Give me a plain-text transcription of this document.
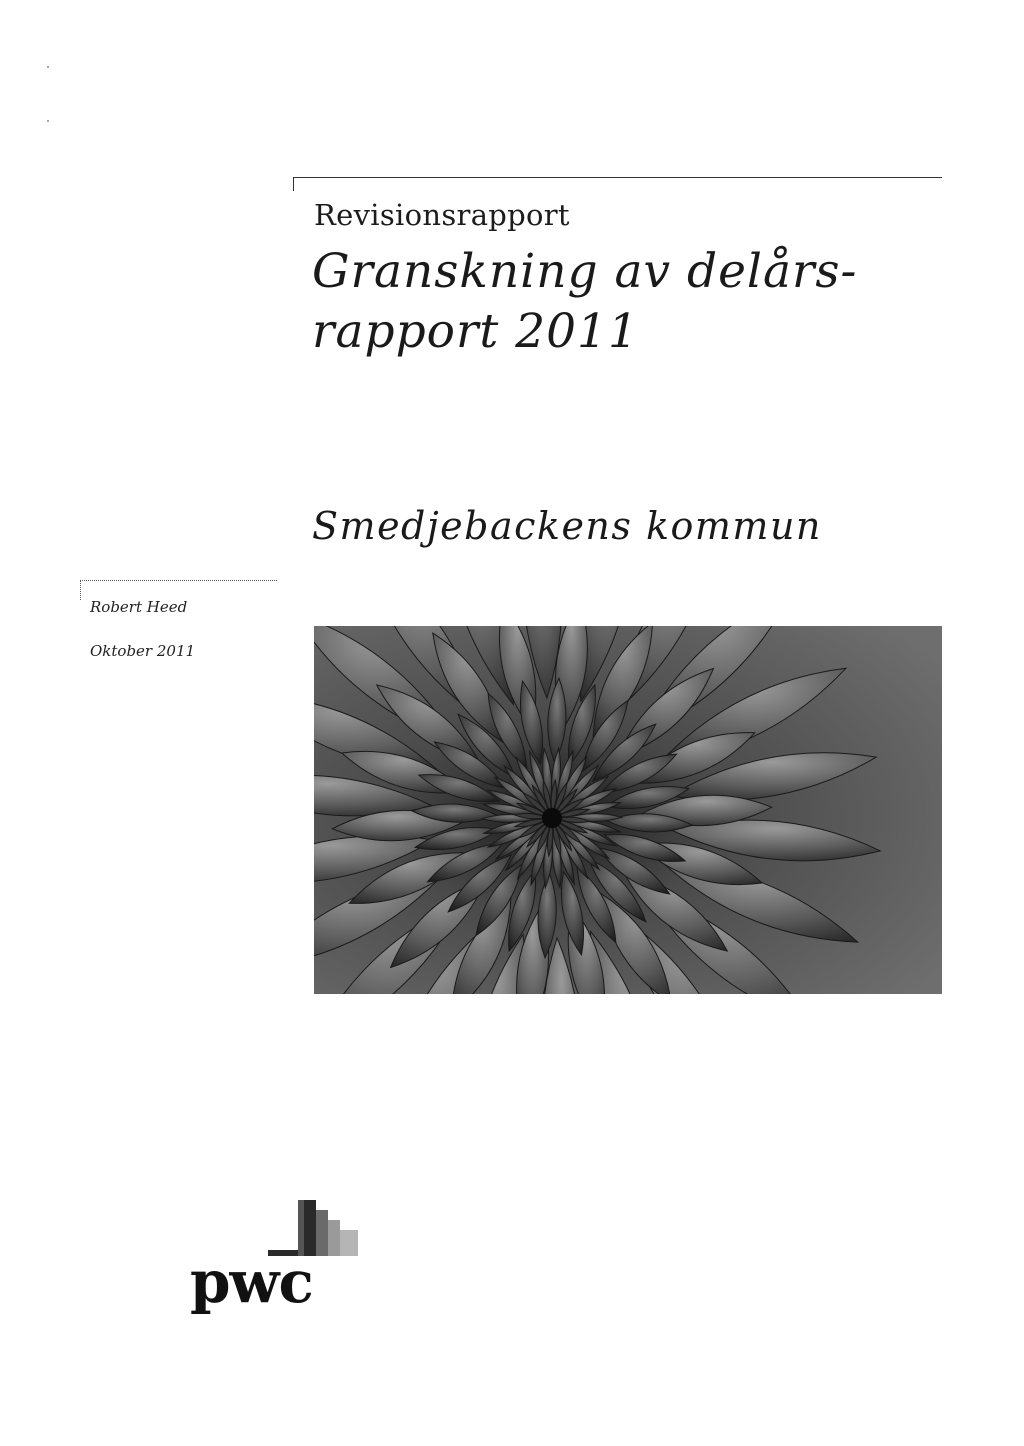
Revisionsrapport
Granskning av delårs-rapport 2011
Smedjebackens kommun
Robert Heed
Oktober 2011
pwc
